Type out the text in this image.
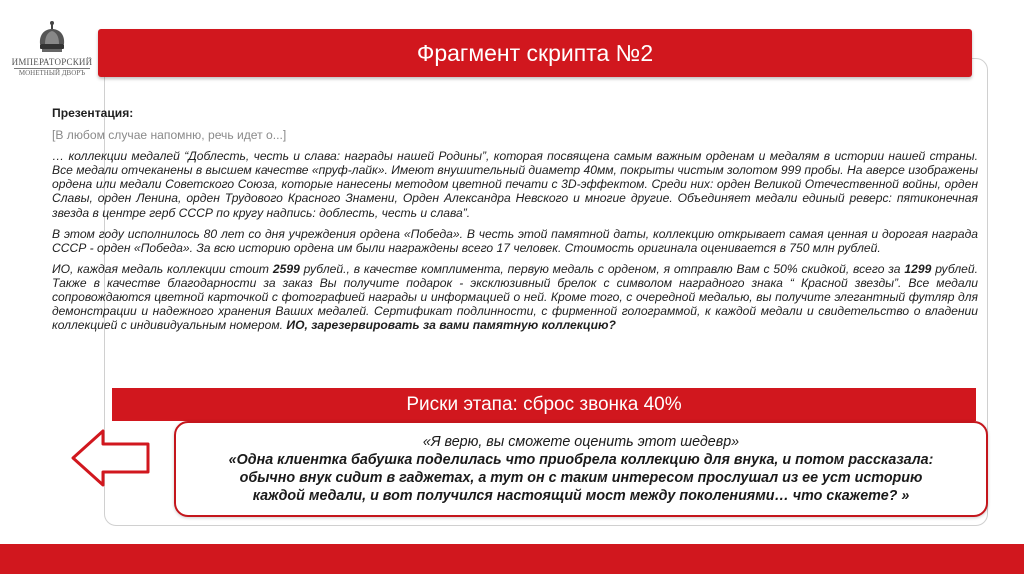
ИМПЕРАТОРСКИЙ
МОНЕТНЫЙ ДВОРЪ
Фрагмент скрипта №2

Презентация:

[В любом случае напомню, речь идет о...]

… коллекции медалей “Доблесть, честь и слава: награды нашей Родины”, которая посвящена самым важным орденам и медалям в истории нашей страны. Все медали отчеканены в высшем качестве «пруф-лайк». Имеют внушительный диаметр 40мм, покрыты чистым золотом 999 пробы. На аверсе изображены ордена или медали Советского Союза, которые нанесены методом цветной печати с 3D-эффектом. Среди них: орден Великой Отечественной войны, орден Славы, орден Ленина, орден Трудового Красного Знамени, Орден Александра Невского и многие другие. Объединяет медали единый реверс: пятиконечная звезда в центре герб СССР по кругу надпись: доблесть, честь и слава”.

В этом году исполнилось 80 лет со дня учреждения ордена «Победа». В честь этой памятной даты, коллекцию открывает самая ценная и дорогая награда СССР - орден «Победа». За всю историю ордена им были награждены всего 17 человек. Стоимость оригинала оценивается в 750 млн рублей.

ИО, каждая медаль коллекции стоит 2599 рублей., в качестве комплимента, первую медаль с орденом, я отправлю Вам с 50% скидкой, всего за 1299 рублей. Также в качестве благодарности за заказ Вы получите подарок - эксклюзивный брелок с символом наградного знака “ Красной звезды”. Все медали сопровождаются цветной карточкой с фотографией награды и информацией о ней. Кроме того, с очередной медалью, вы получите элегантный футляр для демонстрации и надежного хранения Ваших медалей. Сертификат подлинности, с фирменной голограммой, к каждой медали и свидетельство о владении коллекцией с индивидуальным номером. ИО, зарезервировать за вами памятную коллекцию?

Риски этапа: сброс звонка 40%
«Я верю, вы сможете оценить этот шедевр»
«Одна клиентка бабушка поделилась что приобрела коллекцию для внука, и потом рассказала:
обычно внук сидит в гаджетах, а тут он с таким интересом прослушал из ее уст историю
каждой медали, и вот получился настоящий мост между поколениями… что скажете? »
